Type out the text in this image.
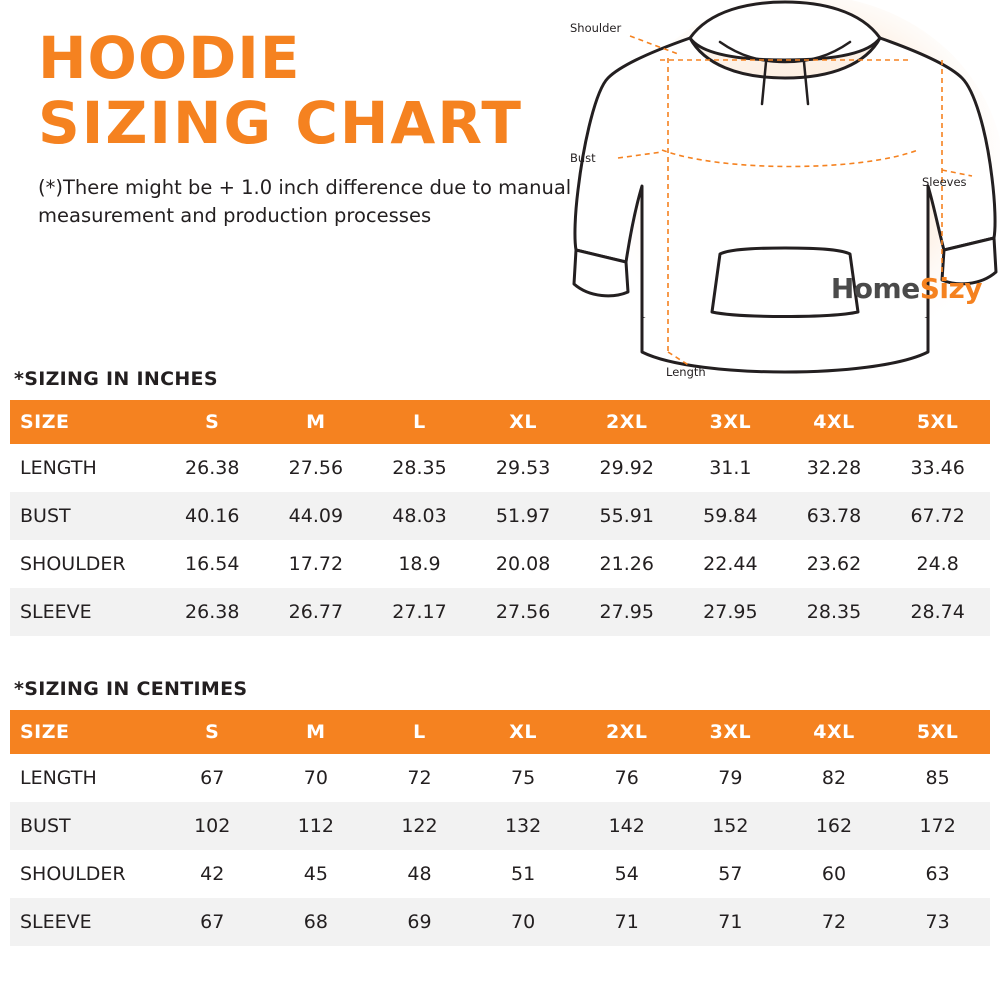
HOODIE
SIZING CHART
(*)There might be + 1.0 inch difference due to manual measurement and production processes
Shoulder
Bust
Sleeves
Length
HomeSizy
*SIZING IN INCHES
SIZE	S	M	L	XL	2XL	3XL	4XL	5XL
LENGTH	26.38	27.56	28.35	29.53	29.92	31.1	32.28	33.46
BUST	40.16	44.09	48.03	51.97	55.91	59.84	63.78	67.72
SHOULDER	16.54	17.72	18.9	20.08	21.26	22.44	23.62	24.8
SLEEVE	26.38	26.77	27.17	27.56	27.95	27.95	28.35	28.74
*SIZING IN CENTIMES
SIZE	S	M	L	XL	2XL	3XL	4XL	5XL
LENGTH	67	70	72	75	76	79	82	85
BUST	102	112	122	132	142	152	162	172
SHOULDER	42	45	48	51	54	57	60	63
SLEEVE	67	68	69	70	71	71	72	73
